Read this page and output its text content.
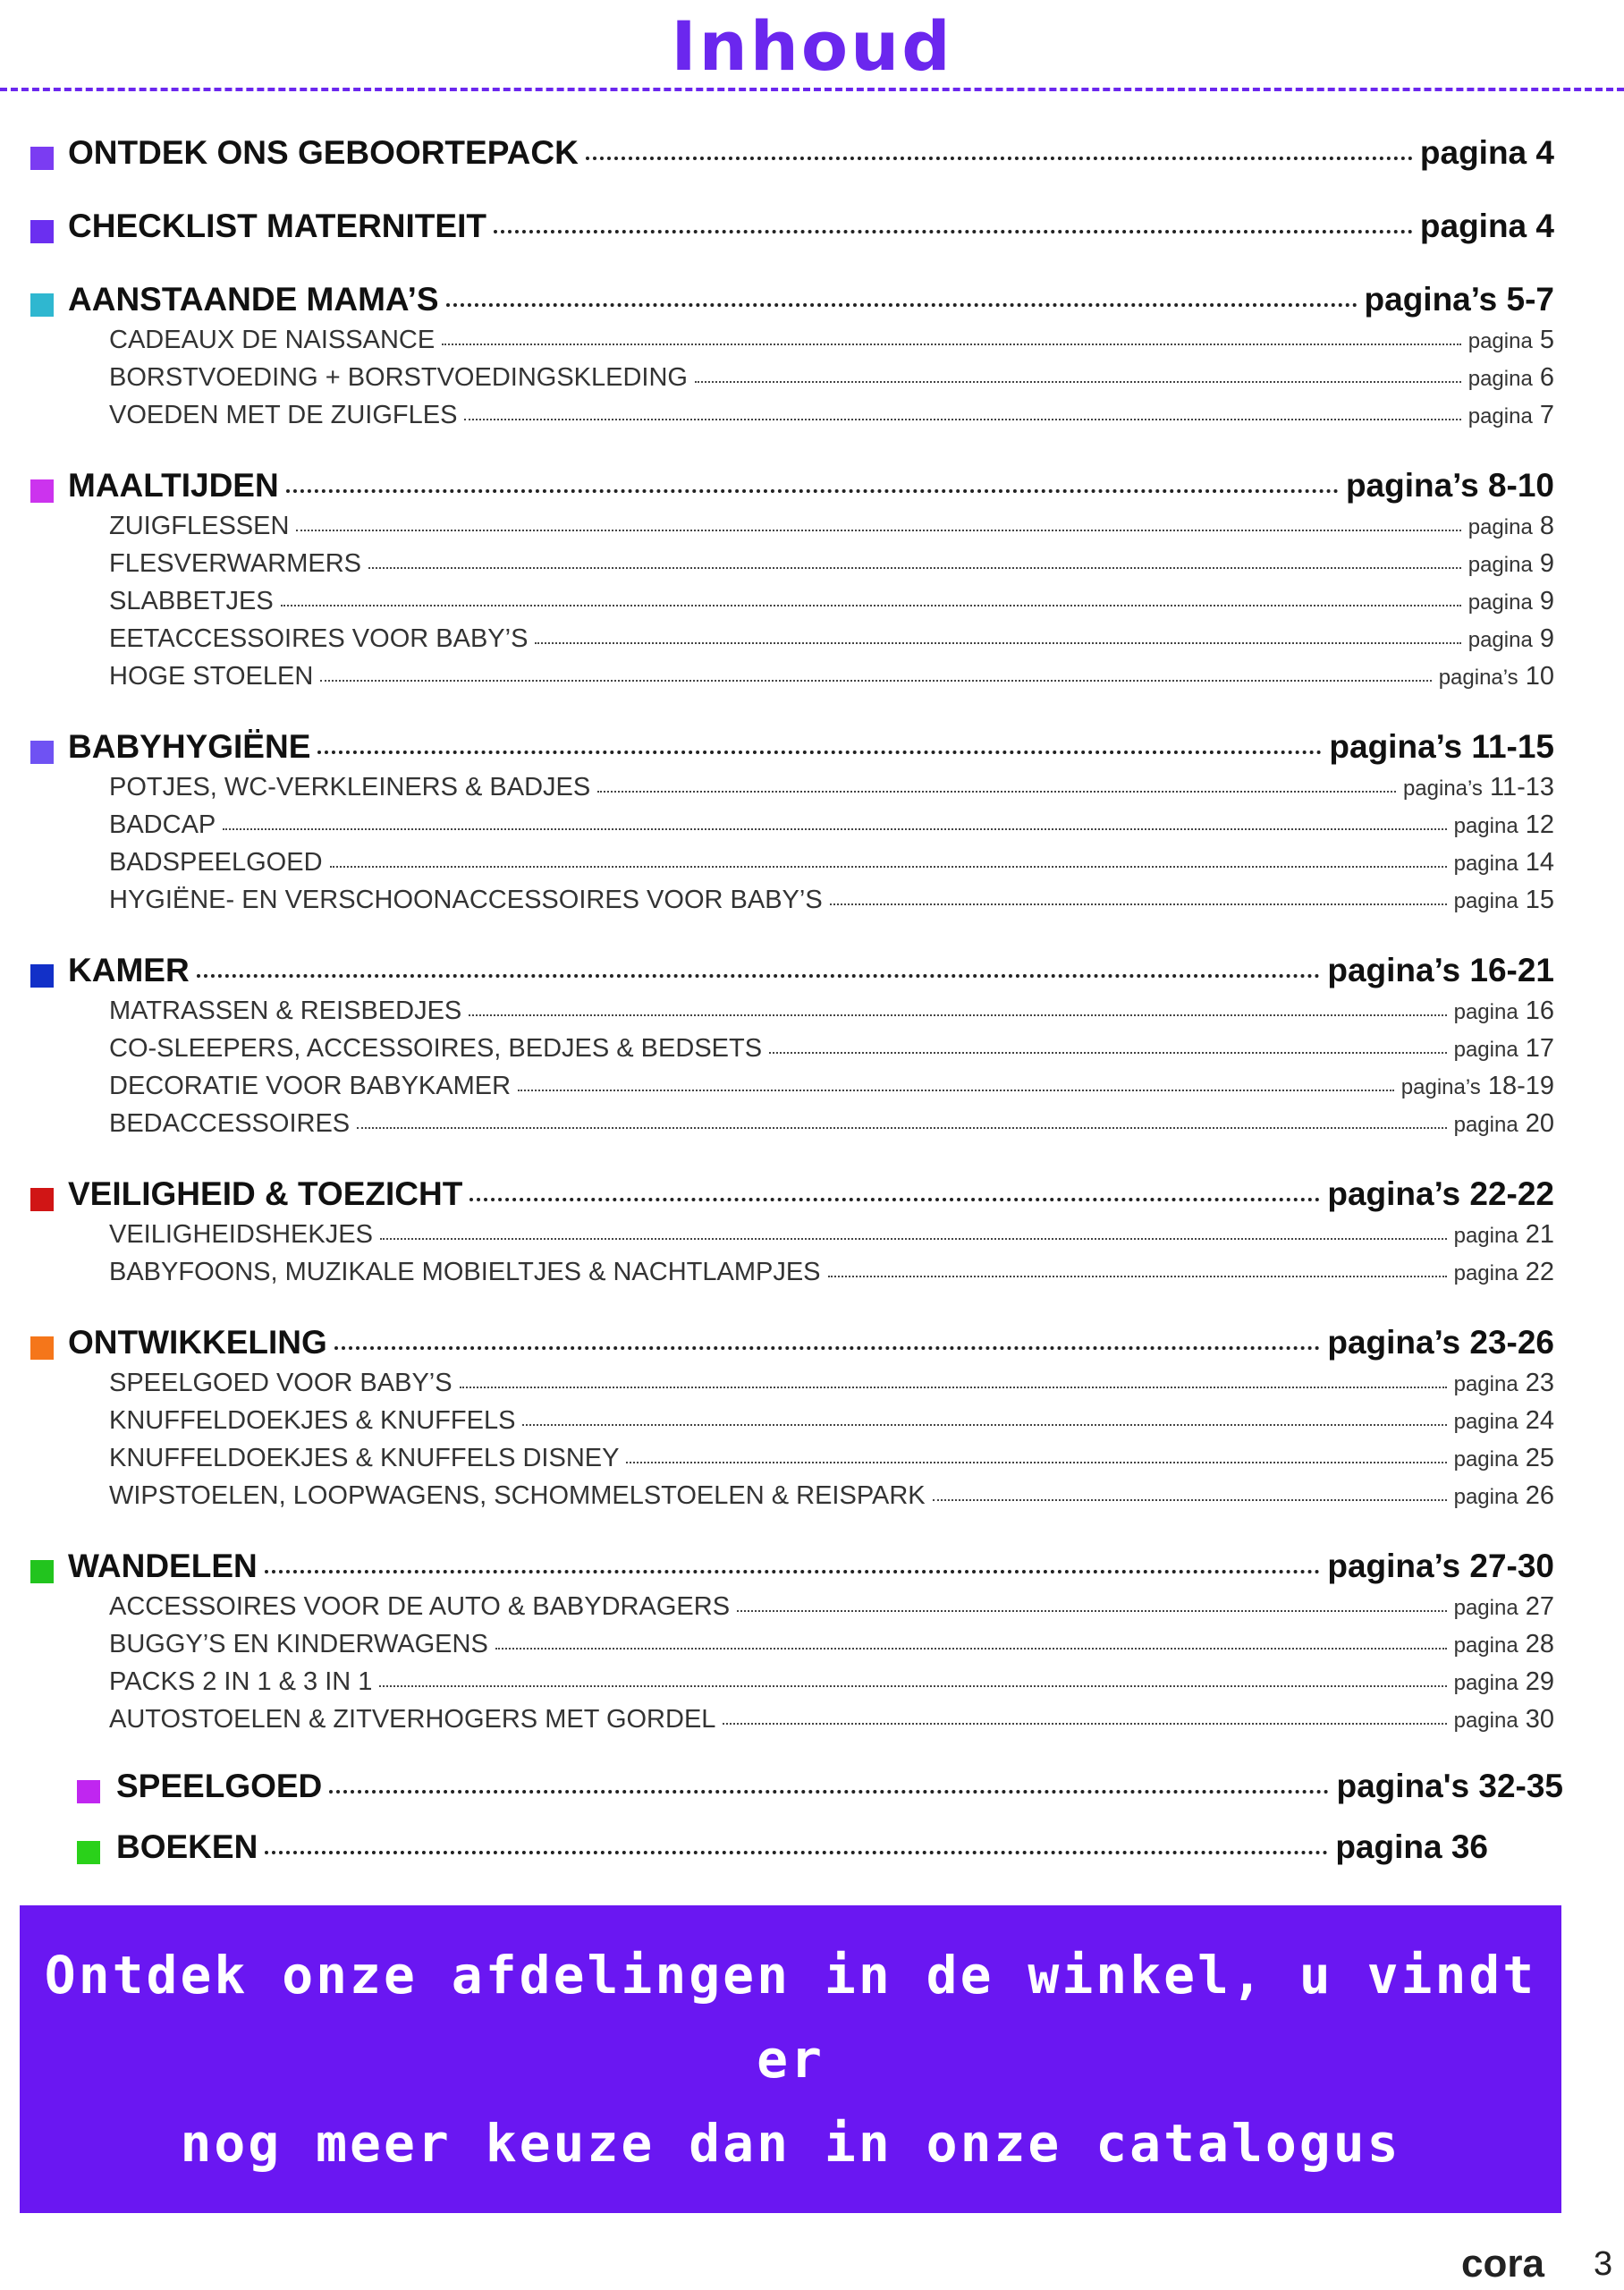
Inhoud
ONTDEK ONS GEBOORTEPACK	pagina 4
CHECKLIST MATERNITEIT	pagina 4
AANSTAANDE MAMA’S	pagina’s 5-7
CADEAUX DE NAISSANCE	pagina 5
BORSTVOEDING + BORSTVOEDINGSKLEDING	pagina 6
VOEDEN MET DE ZUIGFLES	pagina 7
MAALTIJDEN	pagina’s 8-10
ZUIGFLESSEN	pagina 8
FLESVERWARMERS	pagina 9
SLABBETJES	pagina 9
EETACCESSOIRES VOOR BABY’S	pagina 9
HOGE STOELEN	pagina’s 10
BABYHYGIËNE	pagina’s 11-15
POTJES, WC-VERKLEINERS & BADJES	pagina’s 11-13
BADCAP	pagina 12
BADSPEELGOED	pagina 14
HYGIËNE- EN VERSCHOONACCESSOIRES VOOR BABY’S	pagina 15
KAMER	pagina’s 16-21
MATRASSEN & REISBEDJES	pagina 16
CO-SLEEPERS, ACCESSOIRES, BEDJES & BEDSETS	pagina 17
DECORATIE VOOR BABYKAMER	pagina’s 18-19
BEDACCESSOIRES	pagina 20
VEILIGHEID & TOEZICHT	pagina’s 22-22
VEILIGHEIDSHEKJES	pagina 21
BABYFOONS, MUZIKALE MOBIELTJES & NACHTLAMPJES	pagina 22
ONTWIKKELING	pagina’s 23-26
SPEELGOED VOOR BABY’S	pagina 23
KNUFFELDOEKJES & KNUFFELS	pagina 24
KNUFFELDOEKJES & KNUFFELS DISNEY	pagina 25
WIPSTOELEN, LOOPWAGENS, SCHOMMELSTOELEN & REISPARK	pagina 26
WANDELEN	pagina’s 27-30
ACCESSOIRES VOOR DE AUTO & BABYDRAGERS	pagina 27
BUGGY’S EN KINDERWAGENS	pagina 28
PACKS 2 IN 1 & 3 IN 1	pagina 29
AUTOSTOELEN & ZITVERHOGERS MET GORDEL	pagina 30
SPEELGOED	pagina's 32-35
BOEKEN	pagina 36
Ontdek onze afdelingen in de winkel, u vindt er
nog meer keuze dan in onze catalogus
cora 3
